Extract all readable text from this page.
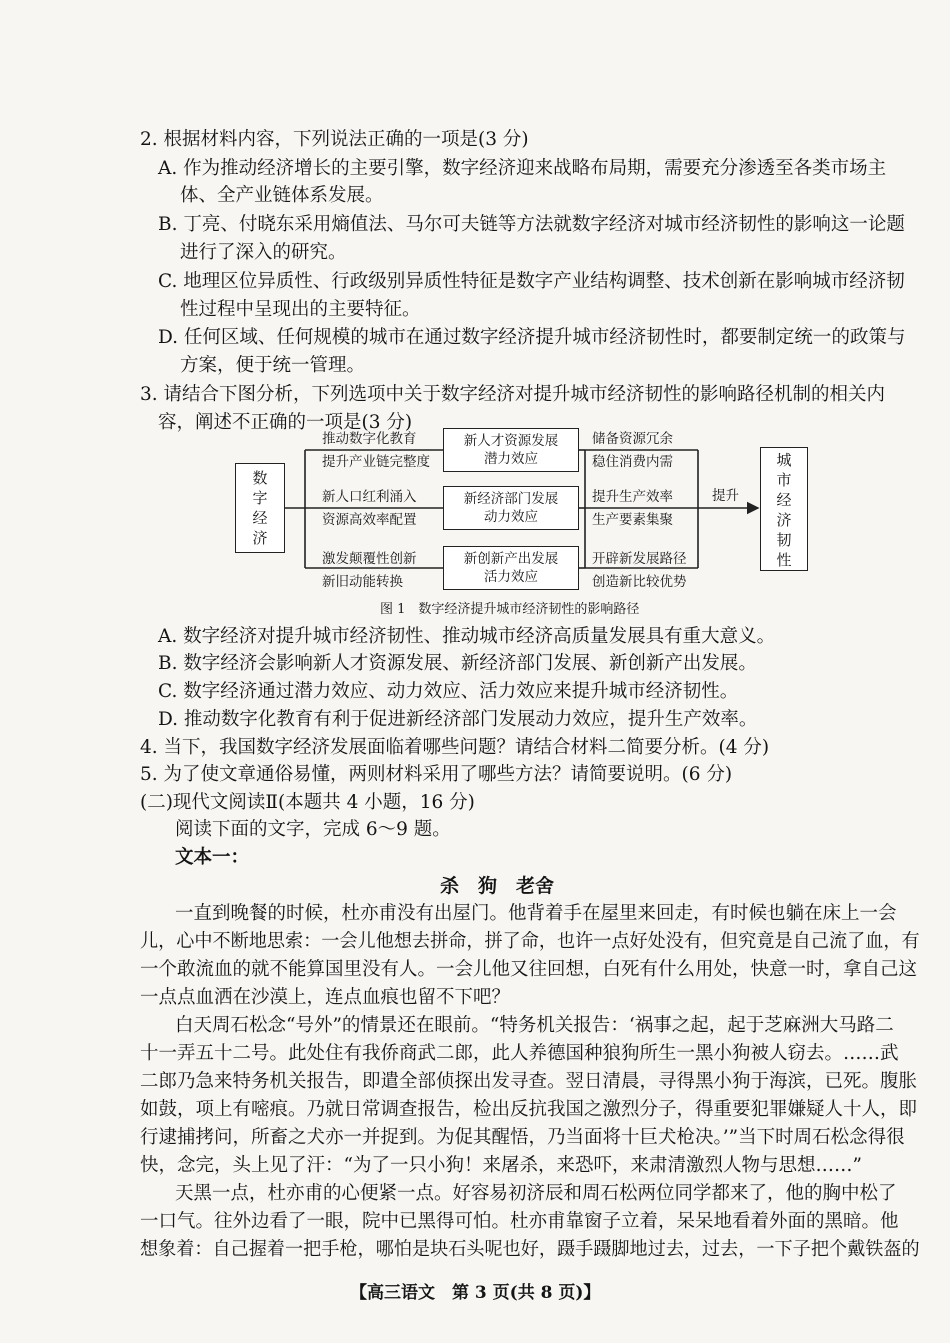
2. 根据材料内容，下列说法正确的一项是(3 分)
A. 作为推动经济增长的主要引擎，数字经济迎来战略布局期，需要充分渗透至各类市场主
体、全产业链体系发展。
B. 丁亮、付晓东采用熵值法、马尔可夫链等方法就数字经济对城市经济韧性的影响这一论题
进行了深入的研究。
C. 地理区位异质性、行政级别异质性特征是数字产业结构调整、技术创新在影响城市经济韧
性过程中呈现出的主要特征。
D. 任何区域、任何规模的城市在通过数字经济提升城市经济韧性时，都要制定统一的政策与
方案，便于统一管理。
3. 请结合下图分析，下列选项中关于数字经济对提升城市经济韧性的影响路径机制的相关内
容，阐述不正确的一项是(3 分)
数
字
经
济
推动数字化教育
提升产业链完整度
新人口红利涌入
资源高效率配置
激发颠覆性创新
新旧动能转换
新人才资源发展
潜力效应
新经济部门发展
动力效应
新创新产出发展
活力效应
储备资源冗余
稳住消费内需
提升生产效率
生产要素集聚
开辟新发展路径
创造新比较优势
提升
城
市
经
济
韧
性
图 1　数字经济提升城市经济韧性的影响路径
A. 数字经济对提升城市经济韧性、推动城市经济高质量发展具有重大意义。
B. 数字经济会影响新人才资源发展、新经济部门发展、新创新产出发展。
C. 数字经济通过潜力效应、动力效应、活力效应来提升城市经济韧性。
D. 推动数字化教育有利于促进新经济部门发展动力效应，提升生产效率。
4. 当下，我国数字经济发展面临着哪些问题？请结合材料二简要分析。(4 分)
5. 为了使文章通俗易懂，两则材料采用了哪些方法？请简要说明。(6 分)
(二)现代文阅读Ⅱ(本题共 4 小题，16 分)
阅读下面的文字，完成 6～9 题。
文本一：
杀　狗　老舍
一直到晚餐的时候，杜亦甫没有出屋门。他背着手在屋里来回走，有时候也躺在床上一会
儿，心中不断地思索：一会儿他想去拼命，拼了命，也许一点好处没有，但究竟是自己流了血，有
一个敢流血的就不能算国里没有人。一会儿他又往回想，白死有什么用处，快意一时，拿自己这
一点点血洒在沙漠上，连点血痕也留不下吧？
白天周石松念“号外”的情景还在眼前。“特务机关报告：‘祸事之起，起于芝麻洲大马路二
十一弄五十二号。此处住有我侨商武二郎，此人养德国种狼狗所生一黑小狗被人窃去。……武
二郎乃急来特务机关报告，即遣全部侦探出发寻查。翌日清晨，寻得黑小狗于海滨，已死。腹胀
如鼓，项上有嘧痕。乃就日常调查报告，检出反抗我国之激烈分子，得重要犯罪嫌疑人十人，即
行逮捕拷问，所畜之犬亦一并捉到。为促其醒悟，乃当面将十巨犬枪决。’”当下时周石松念得很
快，念完，头上见了汗：“为了一只小狗！来屠杀，来恐吓，来肃清激烈人物与思想……”
天黑一点，杜亦甫的心便紧一点。好容易初济辰和周石松两位同学都来了，他的胸中松了
一口气。往外边看了一眼，院中已黑得可怕。杜亦甫靠窗子立着，呆呆地看着外面的黑暗。他
想象着：自己握着一把手枪，哪怕是块石头呢也好，蹑手蹑脚地过去，过去，一下子把个戴铁盔的
【高三语文　第 3 页(共 8 页)】
